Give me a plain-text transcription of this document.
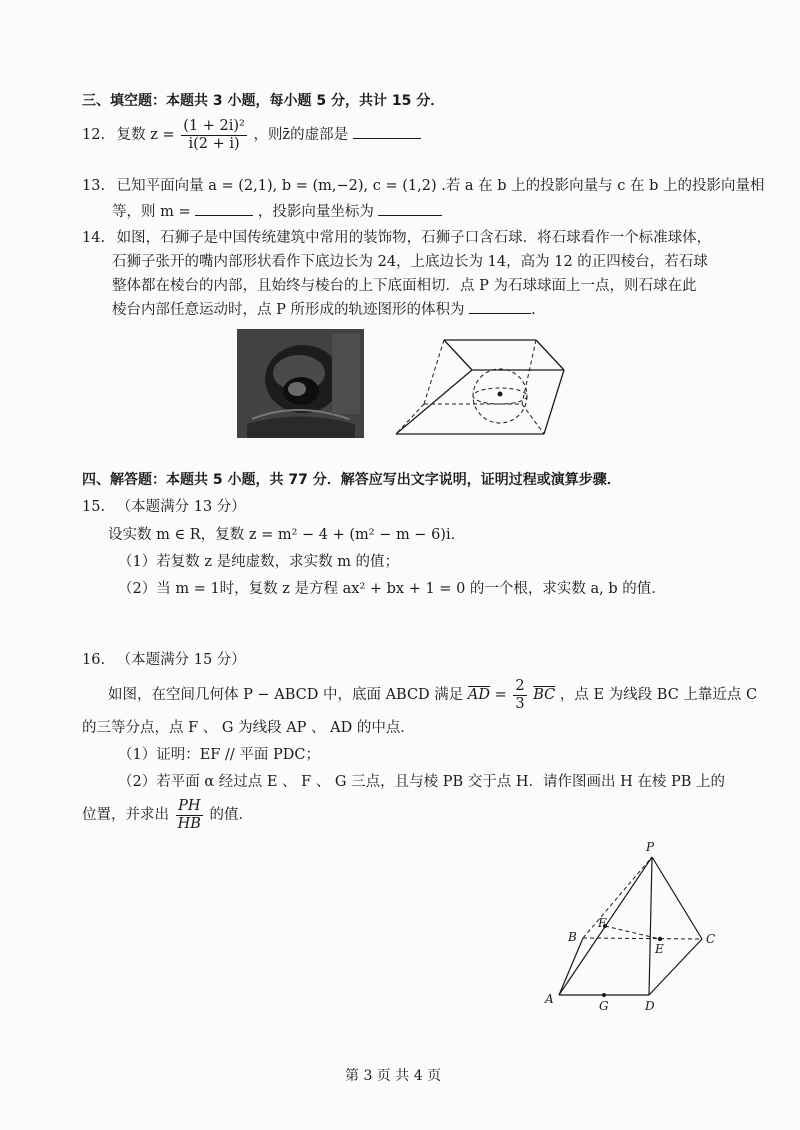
三、填空题：本题共 3 小题，每小题 5 分，共计 15 分．
12. 复数 $z = \frac{\text{(1 + 2i)²}}{i(2 + i)}$ ，则z̄的虚部是
13. 已知平面向量 a = (2,1), b = (m,−2), c = (1,2) .若 a 在 b 上的投影向量与 c 在 b 上的投影向量相
等，则 m =	，投影向量坐标为
14. 如图，石狮子是中国传统建筑中常用的装饰物，石狮子口含石球．将石球看作一个标准球体，
石狮子张开的嘴内部形状看作下底边长为 24，上底边长为 14，高为 12 的正四棱台，若石球
整体都在棱台的内部，且始终与棱台的上下底面相切．点 P 为石球球面上一点，则石球在此
棱台内部任意运动时，点 P 所形成的轨迹图形的体积为	.
四、解答题：本题共 5 小题，共 77 分．解答应写出文字说明，证明过程或演算步骤．
15. （本题满分 13 分）
设实数 m ∈ R，复数 z = m² − 4 + (m² − m − 6)i．
（1）若复数 z 是纯虚数，求实数 m 的值；
（2）当 m = 1时，复数 z 是方程 ax² + bx + 1 = 0 的一个根，求实数 a, b 的值．
16. （本题满分 15 分）
如图，在空间几何体 P − ABCD 中，底面 ABCD 满足 $\overline{AD} = \frac{2}{3} \overline{BC}$ ，点 E 为线段 BC 上靠近点 C
的三等分点，点 F 、 G 为线段 AP 、 AD 的中点．
（1）证明：EF // 平面 PDC；
（2）若平面 α 经过点 E 、 F 、 G 三点，且与棱 PB 交于点 H．请作图画出 H 在棱 PB 上的
位置，并求出 $\frac{PH}{HB}$ 的值．
P
B	C
E
F
A	G	D
第 3 页 共 4 页
